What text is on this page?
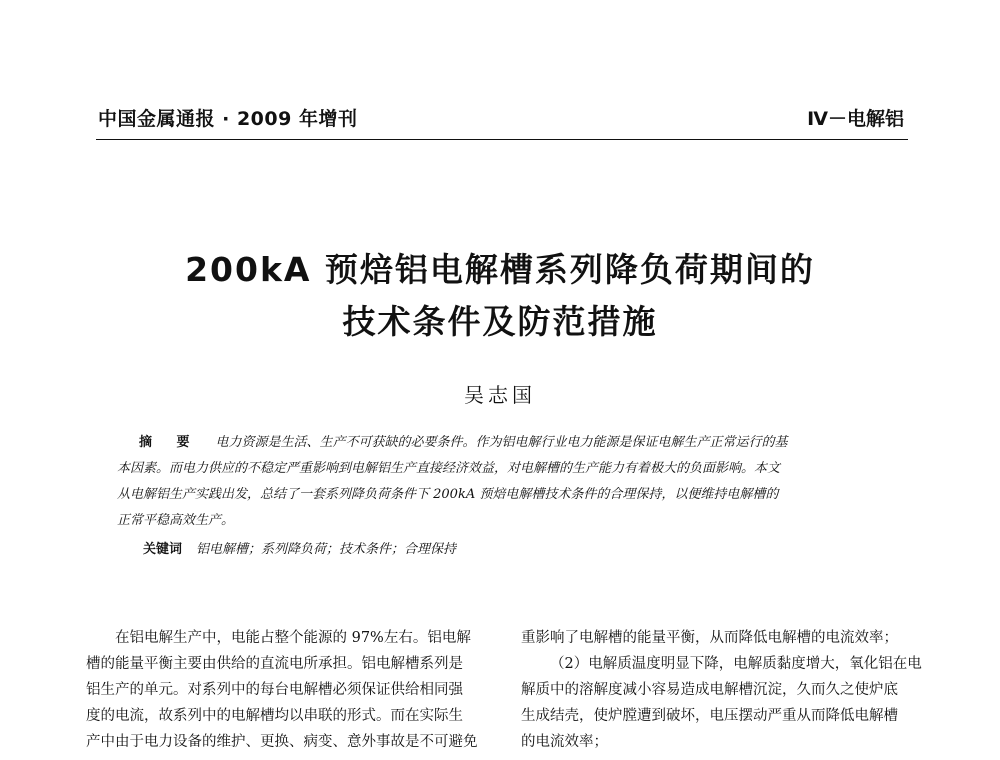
中国金属通报 · 2009 年增刊	Ⅳ－电解铝
200kA 预焙铝电解槽系列降负荷期间的
技术条件及防范措施
吴志国
摘 要 电力资源是生活、生产不可获缺的必要条件。作为铝电解行业电力能源是保证电解生产正常运行的基
本因素。而电力供应的不稳定严重影响到电解铝生产直接经济效益，对电解槽的生产能力有着极大的负面影响。本文
从电解铝生产实践出发，总结了一套系列降负荷条件下 200kA 预焙电解槽技术条件的合理保持，以便维持电解槽的
正常平稳高效生产。
关键词 铝电解槽；系列降负荷；技术条件；合理保持
在铝电解生产中，电能占整个能源的 97%左右。铝电解
槽的能量平衡主要由供给的直流电所承担。铝电解槽系列是
铝生产的单元。对系列中的每台电解槽必须保证供给相同强
度的电流，故系列中的电解槽均以串联的形式。而在实际生
产中由于电力设备的维护、更换、病变、意外事故是不可避免
重影响了电解槽的能量平衡，从而降低电解槽的电流效率；
（2）电解质温度明显下降，电解质黏度增大，氧化铝在电
解质中的溶解度减小容易造成电解槽沉淀，久而久之使炉底
生成结壳，使炉膛遭到破坏，电压摆动严重从而降低电解槽
的电流效率；
